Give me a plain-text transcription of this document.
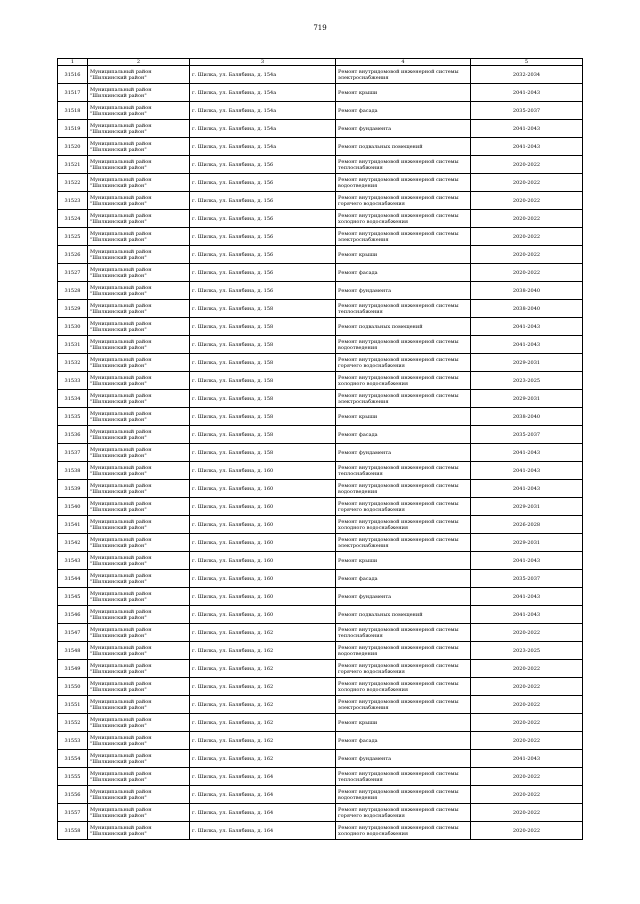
719
1	2	3	4	5
31516	Муниципальный район "Шилкинский район"	г. Шилка, ул. Балябина, д. 154а	Ремонт внутридомовой инженерной системы электроснабжения	2032-2034
31517	Муниципальный район "Шилкинский район"	г. Шилка, ул. Балябина, д. 154а	Ремонт крыши	2041-2043
31518	Муниципальный район "Шилкинский район"	г. Шилка, ул. Балябина, д. 154а	Ремонт фасада	2035-2037
31519	Муниципальный район "Шилкинский район"	г. Шилка, ул. Балябина, д. 154а	Ремонт фундамента	2041-2043
31520	Муниципальный район "Шилкинский район"	г. Шилка, ул. Балябина, д. 154а	Ремонт подвальных помещений	2041-2043
31521	Муниципальный район "Шилкинский район"	г. Шилка, ул. Балябина, д. 156	Ремонт внутридомовой инженерной системы теплоснабжения	2020-2022
31522	Муниципальный район "Шилкинский район"	г. Шилка, ул. Балябина, д. 156	Ремонт внутридомовой инженерной системы водоотведения	2020-2022
31523	Муниципальный район "Шилкинский район"	г. Шилка, ул. Балябина, д. 156	Ремонт внутридомовой инженерной системы горячего водоснабжения	2020-2022
31524	Муниципальный район "Шилкинский район"	г. Шилка, ул. Балябина, д. 156	Ремонт внутридомовой инженерной системы холодного водоснабжения	2020-2022
31525	Муниципальный район "Шилкинский район"	г. Шилка, ул. Балябина, д. 156	Ремонт внутридомовой инженерной системы электроснабжения	2020-2022
31526	Муниципальный район "Шилкинский район"	г. Шилка, ул. Балябина, д. 156	Ремонт крыши	2020-2022
31527	Муниципальный район "Шилкинский район"	г. Шилка, ул. Балябина, д. 156	Ремонт фасада	2020-2022
31528	Муниципальный район "Шилкинский район"	г. Шилка, ул. Балябина, д. 156	Ремонт фундамента	2038-2040
31529	Муниципальный район "Шилкинский район"	г. Шилка, ул. Балябина, д. 158	Ремонт внутридомовой инженерной системы теплоснабжения	2038-2040
31530	Муниципальный район "Шилкинский район"	г. Шилка, ул. Балябина, д. 158	Ремонт подвальных помещений	2041-2043
31531	Муниципальный район "Шилкинский район"	г. Шилка, ул. Балябина, д. 158	Ремонт внутридомовой инженерной системы водоотведения	2041-2043
31532	Муниципальный район "Шилкинский район"	г. Шилка, ул. Балябина, д. 158	Ремонт внутридомовой инженерной системы горячего водоснабжения	2029-2031
31533	Муниципальный район "Шилкинский район"	г. Шилка, ул. Балябина, д. 158	Ремонт внутридомовой инженерной системы холодного водоснабжения	2023-2025
31534	Муниципальный район "Шилкинский район"	г. Шилка, ул. Балябина, д. 158	Ремонт внутридомовой инженерной системы электроснабжения	2029-2031
31535	Муниципальный район "Шилкинский район"	г. Шилка, ул. Балябина, д. 158	Ремонт крыши	2038-2040
31536	Муниципальный район "Шилкинский район"	г. Шилка, ул. Балябина, д. 158	Ремонт фасада	2035-2037
31537	Муниципальный район "Шилкинский район"	г. Шилка, ул. Балябина, д. 158	Ремонт фундамента	2041-2043
31538	Муниципальный район "Шилкинский район"	г. Шилка, ул. Балябина, д. 160	Ремонт внутридомовой инженерной системы теплоснабжения	2041-2043
31539	Муниципальный район "Шилкинский район"	г. Шилка, ул. Балябина, д. 160	Ремонт внутридомовой инженерной системы водоотведения	2041-2043
31540	Муниципальный район "Шилкинский район"	г. Шилка, ул. Балябина, д. 160	Ремонт внутридомовой инженерной системы горячего водоснабжения	2029-2031
31541	Муниципальный район "Шилкинский район"	г. Шилка, ул. Балябина, д. 160	Ремонт внутридомовой инженерной системы холодного водоснабжения	2026-2028
31542	Муниципальный район "Шилкинский район"	г. Шилка, ул. Балябина, д. 160	Ремонт внутридомовой инженерной системы электроснабжения	2029-2031
31543	Муниципальный район "Шилкинский район"	г. Шилка, ул. Балябина, д. 160	Ремонт крыши	2041-2043
31544	Муниципальный район "Шилкинский район"	г. Шилка, ул. Балябина, д. 160	Ремонт фасада	2035-2037
31545	Муниципальный район "Шилкинский район"	г. Шилка, ул. Балябина, д. 160	Ремонт фундамента	2041-2043
31546	Муниципальный район "Шилкинский район"	г. Шилка, ул. Балябина, д. 160	Ремонт подвальных помещений	2041-2043
31547	Муниципальный район "Шилкинский район"	г. Шилка, ул. Балябина, д. 162	Ремонт внутридомовой инженерной системы теплоснабжения	2020-2022
31548	Муниципальный район "Шилкинский район"	г. Шилка, ул. Балябина, д. 162	Ремонт внутридомовой инженерной системы водоотведения	2023-2025
31549	Муниципальный район "Шилкинский район"	г. Шилка, ул. Балябина, д. 162	Ремонт внутридомовой инженерной системы горячего водоснабжения	2020-2022
31550	Муниципальный район "Шилкинский район"	г. Шилка, ул. Балябина, д. 162	Ремонт внутридомовой инженерной системы холодного водоснабжения	2020-2022
31551	Муниципальный район "Шилкинский район"	г. Шилка, ул. Балябина, д. 162	Ремонт внутридомовой инженерной системы электроснабжения	2020-2022
31552	Муниципальный район "Шилкинский район"	г. Шилка, ул. Балябина, д. 162	Ремонт крыши	2020-2022
31553	Муниципальный район "Шилкинский район"	г. Шилка, ул. Балябина, д. 162	Ремонт фасада	2020-2022
31554	Муниципальный район "Шилкинский район"	г. Шилка, ул. Балябина, д. 162	Ремонт фундамента	2041-2043
31555	Муниципальный район "Шилкинский район"	г. Шилка, ул. Балябина, д. 164	Ремонт внутридомовой инженерной системы теплоснабжения	2020-2022
31556	Муниципальный район "Шилкинский район"	г. Шилка, ул. Балябина, д. 164	Ремонт внутридомовой инженерной системы водоотведения	2020-2022
31557	Муниципальный район "Шилкинский район"	г. Шилка, ул. Балябина, д. 164	Ремонт внутридомовой инженерной системы горячего водоснабжения	2020-2022
31558	Муниципальный район "Шилкинский район"	г. Шилка, ул. Балябина, д. 164	Ремонт внутридомовой инженерной системы холодного водоснабжения	2020-2022
